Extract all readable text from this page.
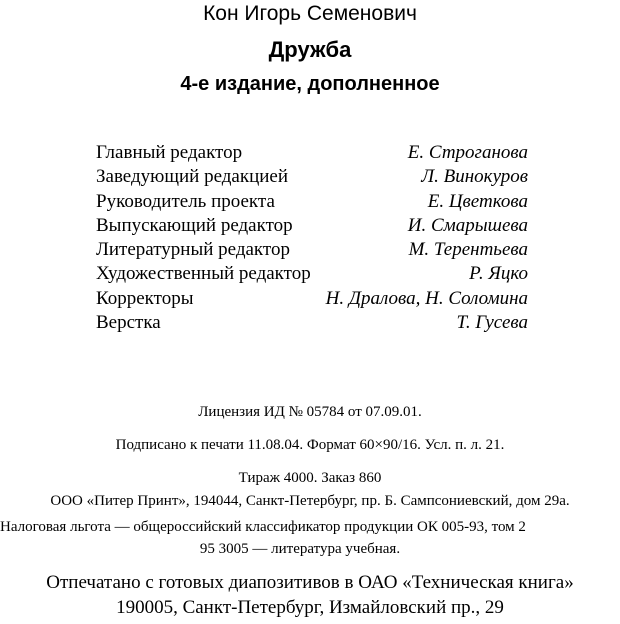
Кон Игорь Семенович
Дружба
4-е издание, дополненное
Главный редактор	Е. Строганова
Заведующий редакцией	Л. Винокуров
Руководитель проекта	Е. Цветкова
Выпускающий редактор	И. Смарышева
Литературный редактор	М. Терентьева
Художественный редактор	Р. Яцко
Корректоры	Н. Дралова, Н. Соломина
Верстка	Т. Гусева
Лицензия ИД № 05784 от 07.09.01.
Подписано к печати 11.08.04. Формат 60×90/16. Усл. п. л. 21.
Тираж 4000. Заказ 860
ООО «Питер Принт», 194044, Санкт-Петербург, пр. Б. Сампсониевский, дом 29а.
Налоговая льгота — общероссийский классификатор продукции ОК 005-93, том 2
95 3005 — литература учебная.
Отпечатано с готовых диапозитивов в ОАО «Техническая книга»
190005, Санкт-Петербург, Измайловский пр., 29
